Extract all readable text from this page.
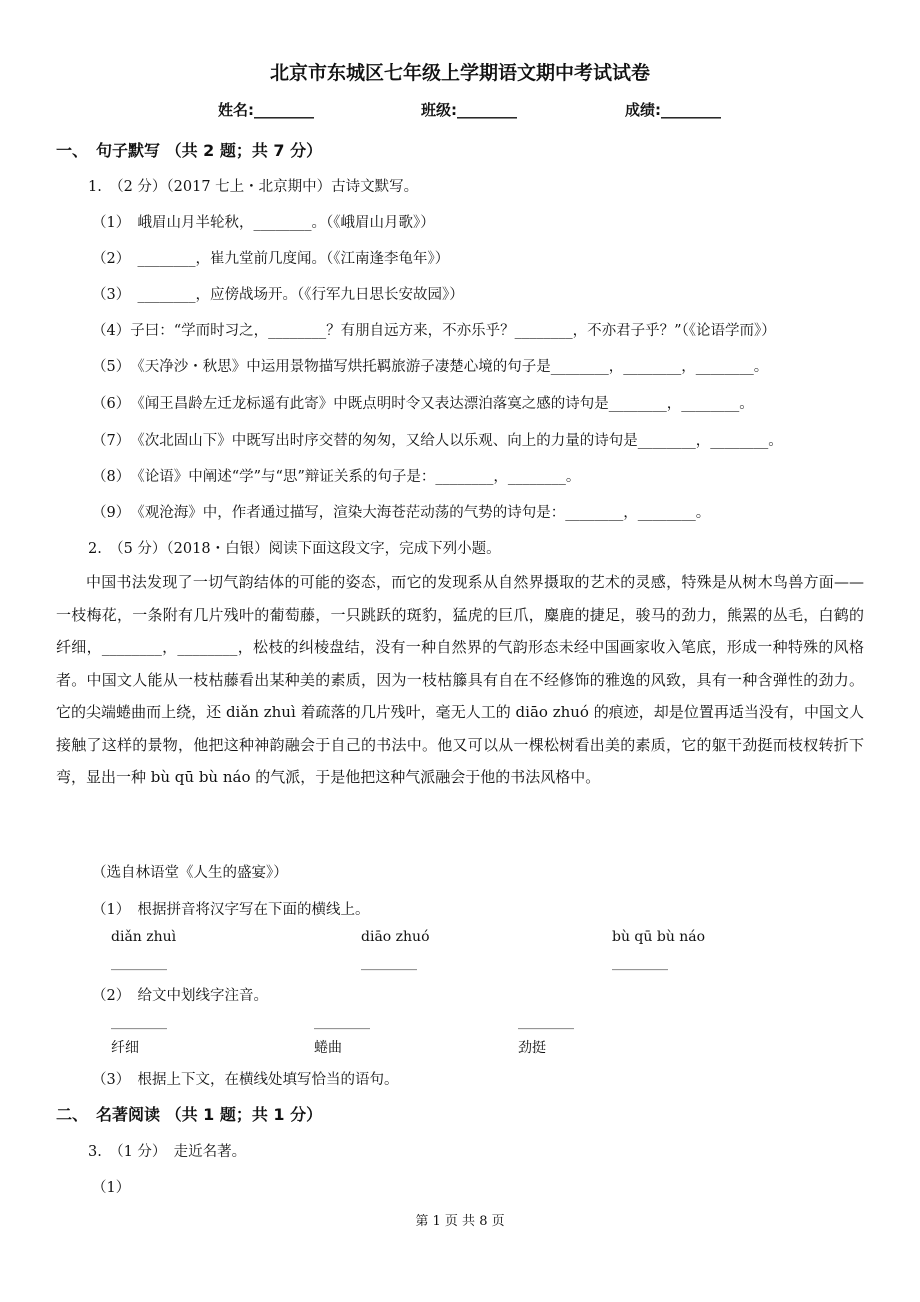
北京市东城区七年级上学期语文期中考试试卷
姓名:________	班级:________	成绩:________
一、　句子默写 （共 2 题；共 7 分）
1.　（2 分）（2017 七上・北京期中）古诗文默写。
（1）　峨眉山月半轮秋，________。（《峨眉山月歌》）
（2）　________，崔九堂前几度闻。（《江南逢李龟年》）
（3）　________，应傍战场开。（《行军九日思长安故园》）
（4）子曰：“学而时习之，________？有朋自远方来，不亦乐乎？________，不亦君子乎？”（《论语学而》）
（5）　《天净沙・秋思》中运用景物描写烘托羁旅游子凄楚心境的句子是________，________，________。
（6）　《闻王昌龄左迁龙标遥有此寄》中既点明时令又表达漂泊落寞之感的诗句是________，________。
（7）　《次北固山下》中既写出时序交替的匆匆，又给人以乐观、向上的力量的诗句是________，________。
（8）　《论语》中阐述“学”与“思”辩证关系的句子是：________，________。
（9）　《观沧海》中，作者通过描写，渲染大海苍茫动荡的气势的诗句是：________，________。
2.　（5 分）（2018・白银）阅读下面这段文字，完成下列小题。
中国书法发现了一切气韵结体的可能的姿态，而它的发现系从自然界摄取的艺术的灵感，特殊是从树木鸟兽方面——一枝梅花，一条附有几片残叶的葡萄藤，一只跳跃的斑豹，猛虎的巨爪，麋鹿的捷足，骏马的劲力，熊罴的丛毛，白鹤的纤细，________，________，松枝的纠棱盘结，没有一种自然界的气韵形态未经中国画家收入笔底，形成一种特殊的风格者。中国文人能从一枝枯藤看出某种美的素质，因为一枝枯籐具有自在不经修饰的雅逸的风致，具有一种含弹性的劲力。它的尖端蜷曲而上绕，还 diǎn zhuì 着疏落的几片残叶，毫无人工的 diāo zhuó 的痕迹，却是位置再适当没有，中国文人接触了这样的景物，他把这种神韵融会于自己的书法中。他又可以从一棵松树看出美的素质，它的躯干劲挺而枝杈转折下弯，显出一种 bù qū bù náo 的气派，于是他把这种气派融会于他的书法风格中。
（选自林语堂《人生的盛宴》）
（1）　根据拼音将汉字写在下面的横线上。
diǎn zhuì	diāo zhuó	bù qū bù náo
________	________	________
（2）　给文中划线字注音。
________	________	________
纤细	蜷曲	劲挺
（3）　根据上下文，在横线处填写恰当的语句。
二、　名著阅读 （共 1 题；共 1 分）
3.　（1 分）　走近名著。
（1）
第 1 页 共 8 页
